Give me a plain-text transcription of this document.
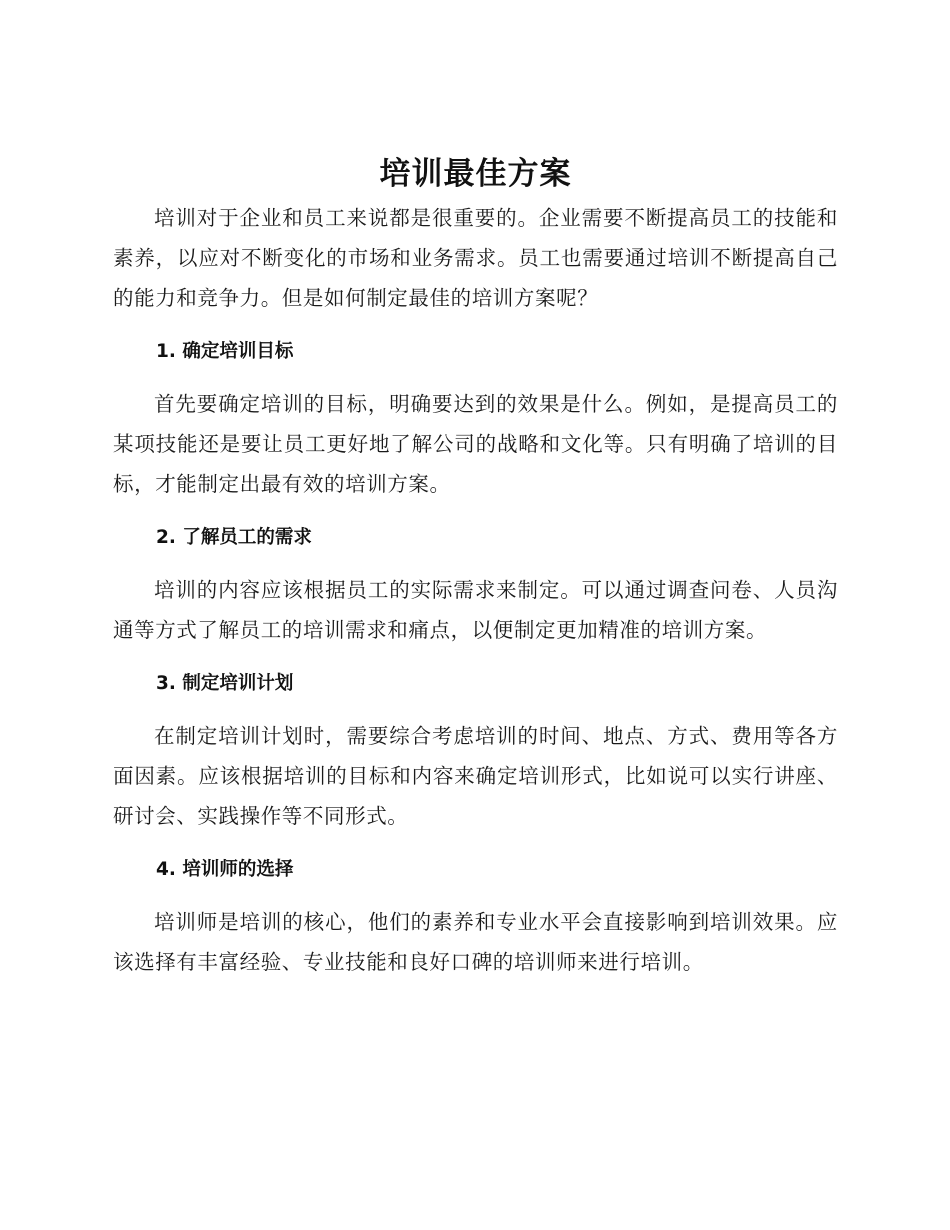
培训最佳方案

培训对于企业和员工来说都是很重要的。企业需要不断提高员工的技能和素养，以应对不断变化的市场和业务需求。员工也需要通过培训不断提高自己的能力和竞争力。但是如何制定最佳的培训方案呢？

1. 确定培训目标

首先要确定培训的目标，明确要达到的效果是什么。例如，是提高员工的某项技能还是要让员工更好地了解公司的战略和文化等。只有明确了培训的目标，才能制定出最有效的培训方案。

2. 了解员工的需求

培训的内容应该根据员工的实际需求来制定。可以通过调查问卷、人员沟通等方式了解员工的培训需求和痛点，以便制定更加精准的培训方案。

3. 制定培训计划

在制定培训计划时，需要综合考虑培训的时间、地点、方式、费用等各方面因素。应该根据培训的目标和内容来确定培训形式，比如说可以实行讲座、研讨会、实践操作等不同形式。

4. 培训师的选择

培训师是培训的核心，他们的素养和专业水平会直接影响到培训效果。应该选择有丰富经验、专业技能和良好口碑的培训师来进行培训。
